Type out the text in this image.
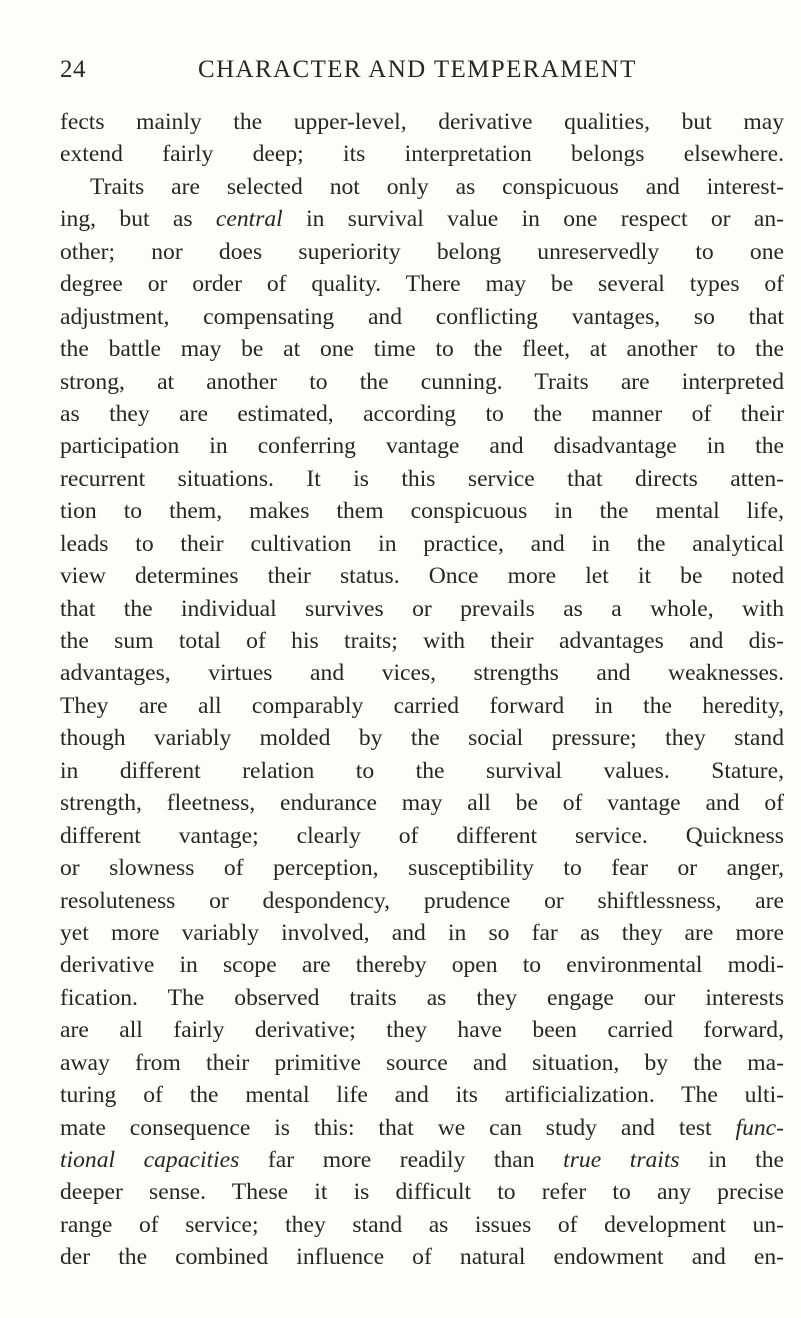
24	CHARACTER AND TEMPERAMENT
fects mainly the upper-level, derivative qualities, but may
extend fairly deep; its interpretation belongs elsewhere.
Traits are selected not only as conspicuous and interest-
ing, but as central in survival value in one respect or an-
other; nor does superiority belong unreservedly to one
degree or order of quality. There may be several types of
adjustment, compensating and conflicting vantages, so that
the battle may be at one time to the fleet, at another to the
strong, at another to the cunning. Traits are interpreted
as they are estimated, according to the manner of their
participation in conferring vantage and disadvantage in the
recurrent situations. It is this service that directs atten-
tion to them, makes them conspicuous in the mental life,
leads to their cultivation in practice, and in the analytical
view determines their status. Once more let it be noted
that the individual survives or prevails as a whole, with
the sum total of his traits; with their advantages and dis-
advantages, virtues and vices, strengths and weaknesses.
They are all comparably carried forward in the heredity,
though variably molded by the social pressure; they stand
in different relation to the survival values. Stature,
strength, fleetness, endurance may all be of vantage and of
different vantage; clearly of different service. Quickness
or slowness of perception, susceptibility to fear or anger,
resoluteness or despondency, prudence or shiftlessness, are
yet more variably involved, and in so far as they are more
derivative in scope are thereby open to environmental modi-
fication. The observed traits as they engage our interests
are all fairly derivative; they have been carried forward,
away from their primitive source and situation, by the ma-
turing of the mental life and its artificialization. The ulti-
mate consequence is this: that we can study and test func-
tional capacities far more readily than true traits in the
deeper sense. These it is difficult to refer to any precise
range of service; they stand as issues of development un-
der the combined influence of natural endowment and en-
